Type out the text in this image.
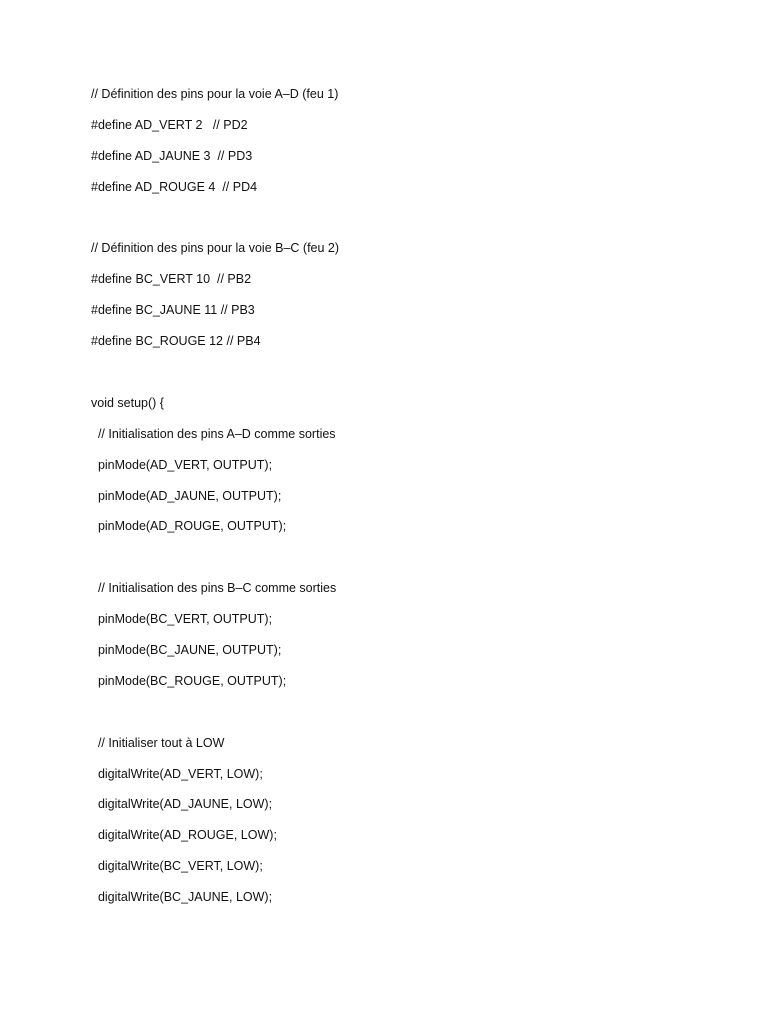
// Définition des pins pour la voie A–D (feu 1)
#define AD_VERT 2   // PD2
#define AD_JAUNE 3  // PD3
#define AD_ROUGE 4  // PD4
// Définition des pins pour la voie B–C (feu 2)
#define BC_VERT 10  // PB2
#define BC_JAUNE 11 // PB3
#define BC_ROUGE 12 // PB4
void setup() {
// Initialisation des pins A–D comme sorties
pinMode(AD_VERT, OUTPUT);
pinMode(AD_JAUNE, OUTPUT);
pinMode(AD_ROUGE, OUTPUT);
// Initialisation des pins B–C comme sorties
pinMode(BC_VERT, OUTPUT);
pinMode(BC_JAUNE, OUTPUT);
pinMode(BC_ROUGE, OUTPUT);
// Initialiser tout à LOW
digitalWrite(AD_VERT, LOW);
digitalWrite(AD_JAUNE, LOW);
digitalWrite(AD_ROUGE, LOW);
digitalWrite(BC_VERT, LOW);
digitalWrite(BC_JAUNE, LOW);
